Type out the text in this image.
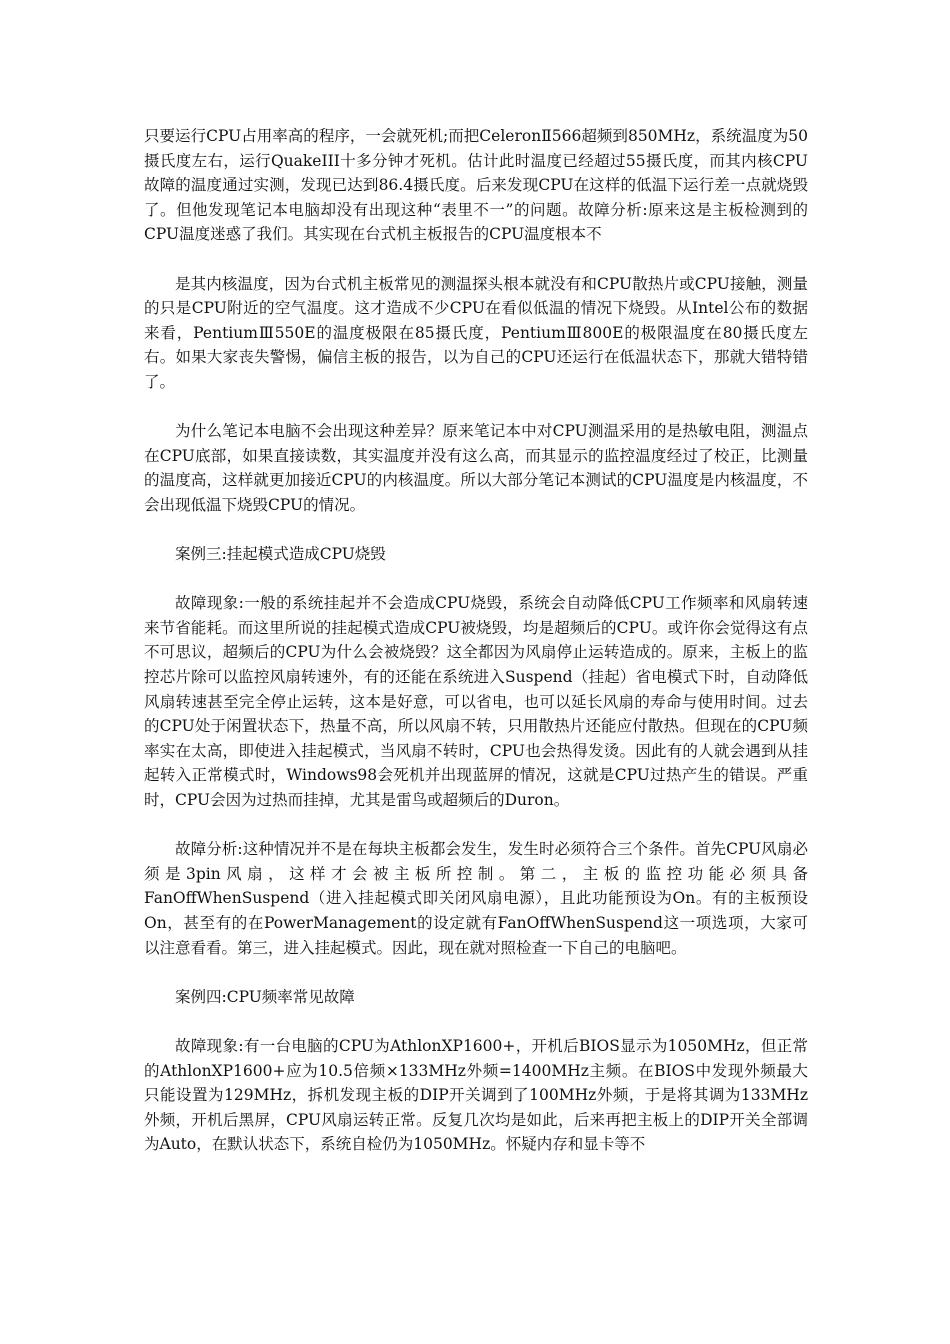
只要运行CPU占用率高的程序，一会就死机;而把CeleronⅡ566超频到850MHz，系统温度为50摄氏度左右，运行QuakeIII十多分钟才死机。估计此时温度已经超过55摄氏度，而其内核CPU故障的温度通过实测，发现已达到86.4摄氏度。后来发现CPU在这样的低温下运行差一点就烧毁了。但他发现笔记本电脑却没有出现这种“表里不一”的问题。故障分析:原来这是主板检测到的CPU温度迷惑了我们。其实现在台式机主板报告的CPU温度根本不

是其内核温度，因为台式机主板常见的测温探头根本就没有和CPU散热片或CPU接触，测量的只是CPU附近的空气温度。这才造成不少CPU在看似低温的情况下烧毁。从Intel公布的数据来看，PentiumⅢ550E的温度极限在85摄氏度，PentiumⅢ800E的极限温度在80摄氏度左右。如果大家丧失警惕，偏信主板的报告，以为自己的CPU还运行在低温状态下，那就大错特错了。

为什么笔记本电脑不会出现这种差异？原来笔记本中对CPU测温采用的是热敏电阻，测温点在CPU底部，如果直接读数，其实温度并没有这么高，而其显示的监控温度经过了校正，比测量的温度高，这样就更加接近CPU的内核温度。所以大部分笔记本测试的CPU温度是内核温度，不会出现低温下烧毁CPU的情况。

案例三:挂起模式造成CPU烧毁

故障现象:一般的系统挂起并不会造成CPU烧毁，系统会自动降低CPU工作频率和风扇转速来节省能耗。而这里所说的挂起模式造成CPU被烧毁，均是超频后的CPU。或许你会觉得这有点不可思议，超频后的CPU为什么会被烧毁？这全都因为风扇停止运转造成的。原来，主板上的监控芯片除可以监控风扇转速外，有的还能在系统进入Suspend（挂起）省电模式下时，自动降低风扇转速甚至完全停止运转，这本是好意，可以省电，也可以延长风扇的寿命与使用时间。过去的CPU处于闲置状态下，热量不高，所以风扇不转，只用散热片还能应付散热。但现在的CPU频率实在太高，即使进入挂起模式，当风扇不转时，CPU也会热得发烫。因此有的人就会遇到从挂起转入正常模式时，Windows98会死机并出现蓝屏的情况，这就是CPU过热产生的错误。严重时，CPU会因为过热而挂掉，尤其是雷鸟或超频后的Duron。

故障分析:这种情况并不是在每块主板都会发生，发生时必须符合三个条件。首先CPU风扇必须是3pin风扇，这样才会被主板所控制。第二，主板的监控功能必须具备FanOffWhenSuspend（进入挂起模式即关闭风扇电源），且此功能预设为On。有的主板预设On，甚至有的在PowerManagement的设定就有FanOffWhenSuspend这一项选项，大家可以注意看看。第三，进入挂起模式。因此，现在就对照检查一下自己的电脑吧。

案例四:CPU频率常见故障

故障现象:有一台电脑的CPU为AthlonXP1600+，开机后BIOS显示为1050MHz，但正常的AthlonXP1600+应为10.5倍频×133MHz外频=1400MHz主频。在BIOS中发现外频最大只能设置为129MHz，拆机发现主板的DIP开关调到了100MHz外频，于是将其调为133MHz外频，开机后黑屏，CPU风扇运转正常。反复几次均是如此，后来再把主板上的DIP开关全部调为Auto，在默认状态下，系统自检仍为1050MHz。怀疑内存和显卡等不
